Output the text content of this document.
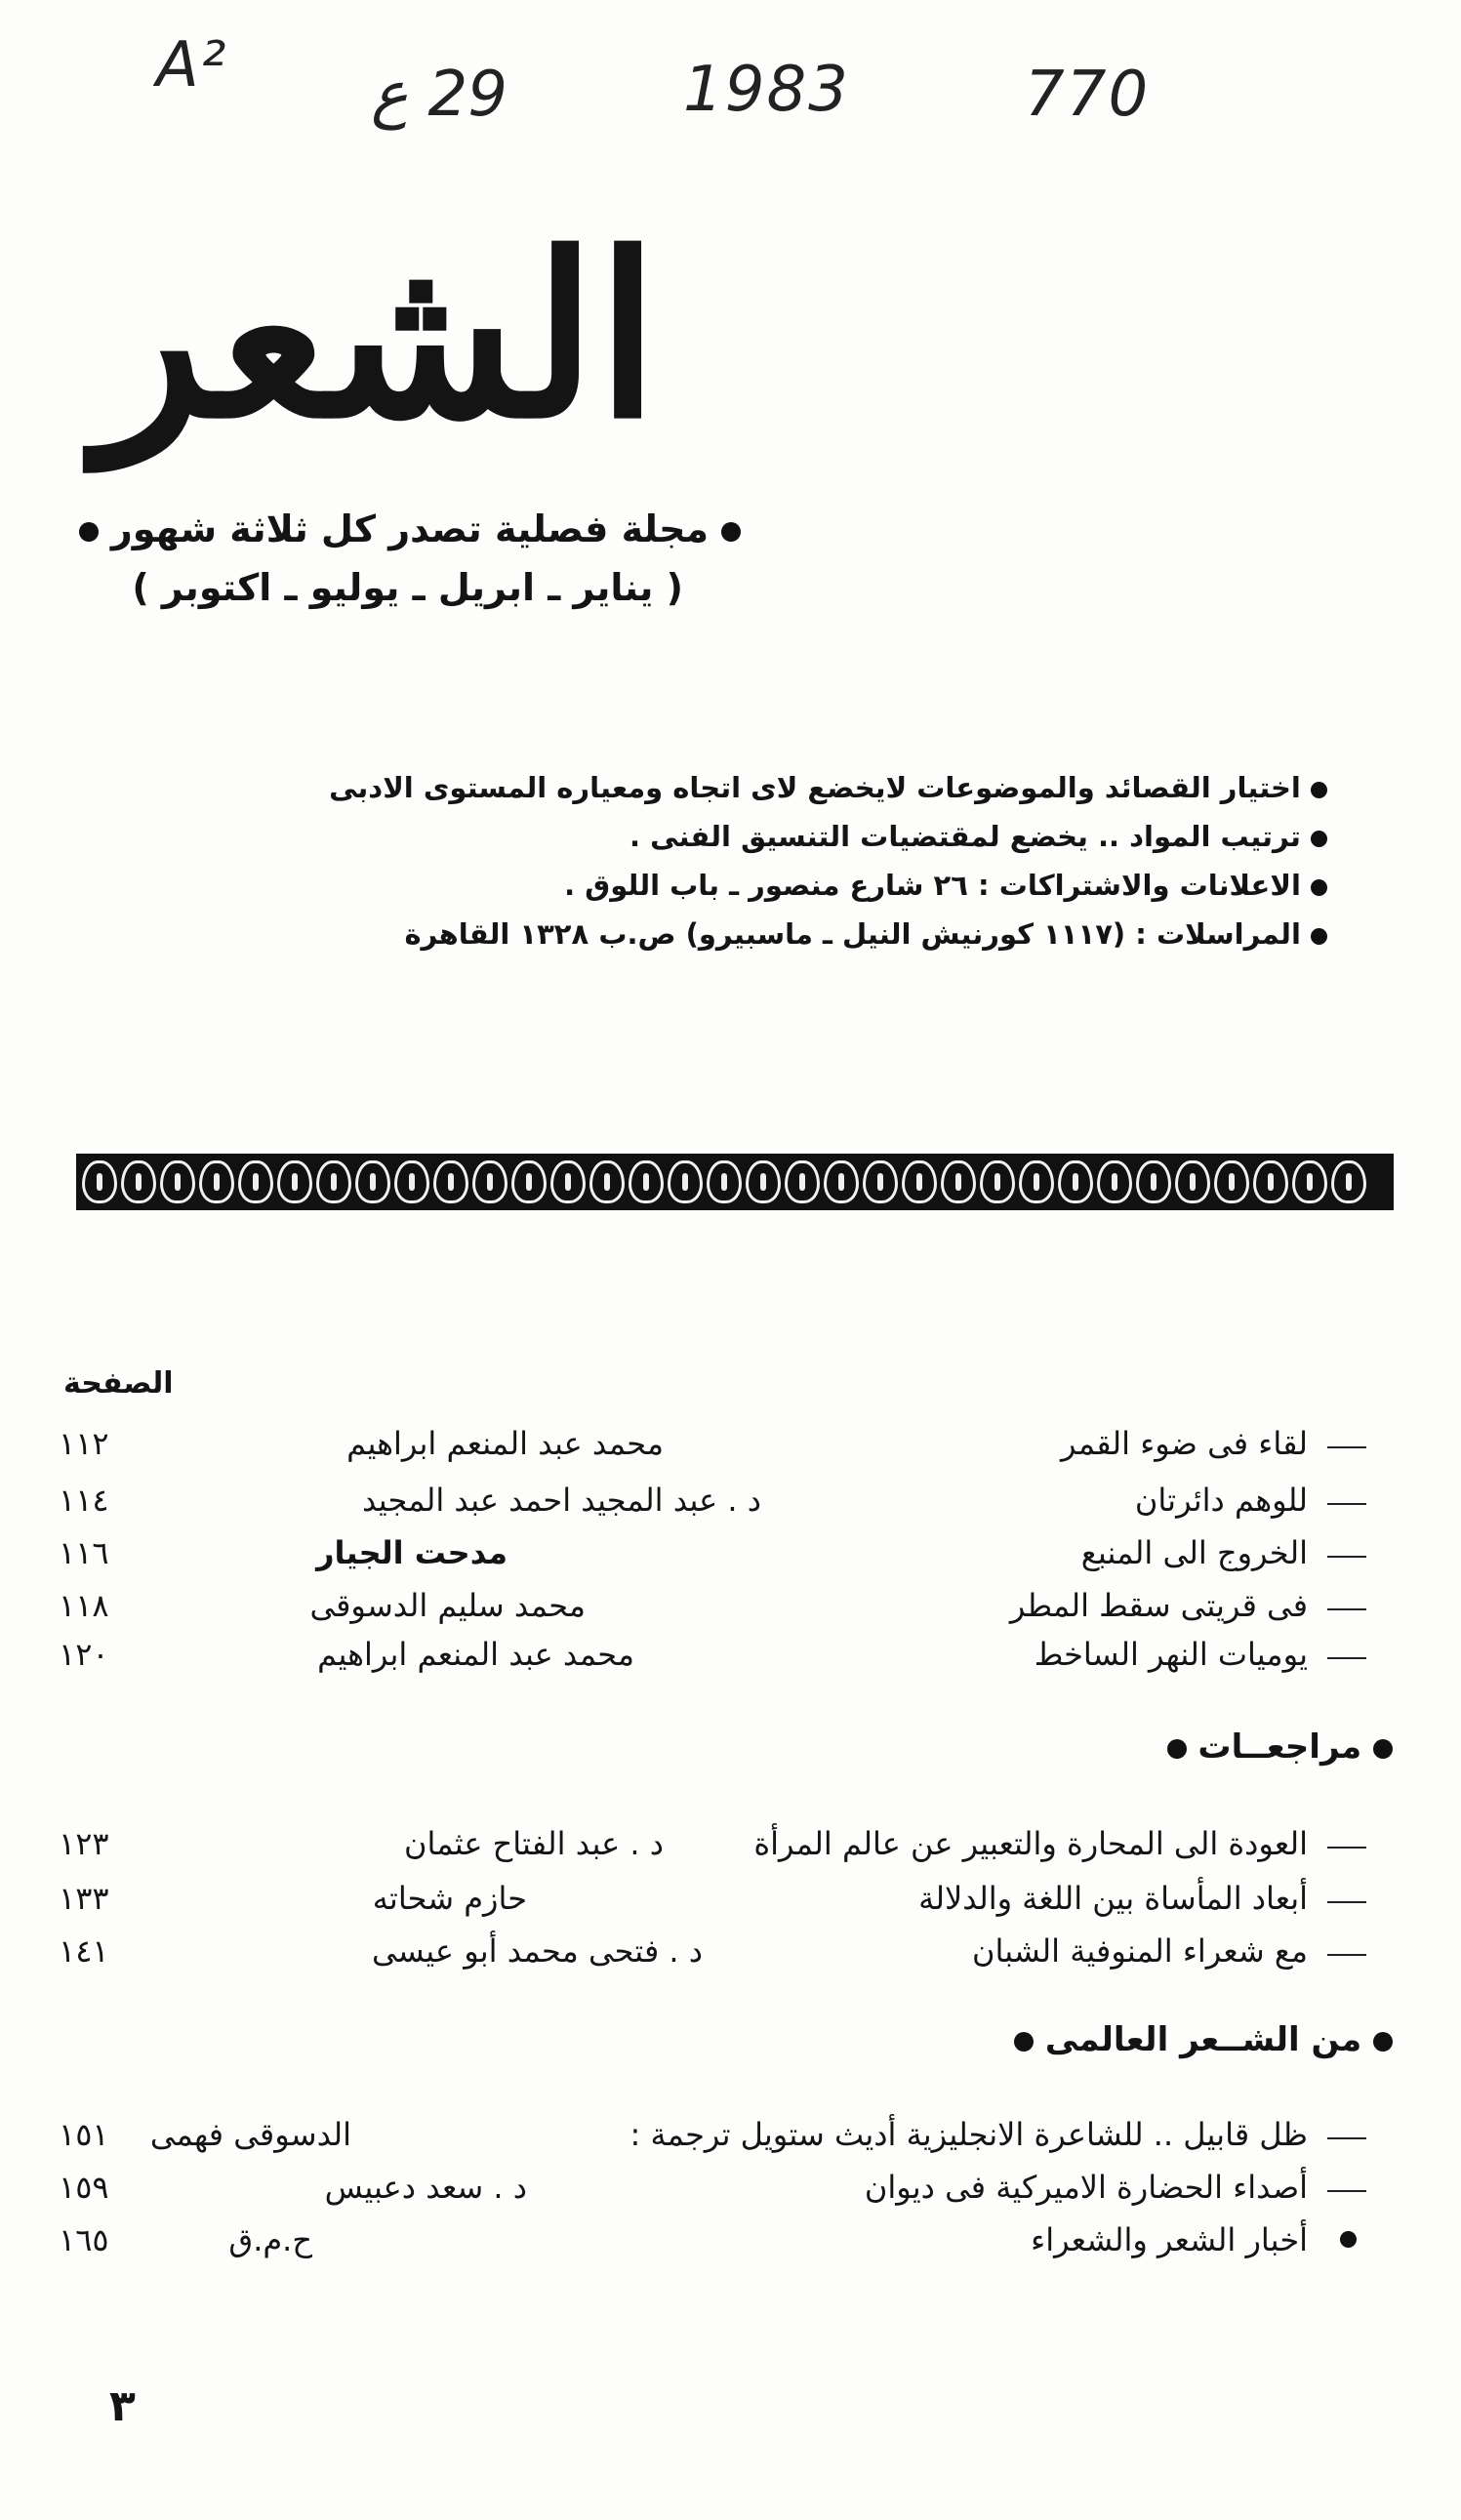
A² 29 ع	1983	770
الشعر
مجلة فصلية تصدر كل ثلاثة شهور
( يناير ـ ابريل ـ يوليو ـ اكتوبر )
اختيار القصائد والموضوعات لايخضع لاى اتجاه ومعياره المستوى الادبى
ترتيب المواد .. يخضع لمقتضيات التنسيق الفنى .
الاعلانات والاشتراكات : ٢٦ شارع منصور ـ باب اللوق .
المراسلات : (١١١٧ كورنيش النيل ـ ماسبيرو) ص.ب ١٣٢٨ القاهرة
الصفحة
١١٢	محمد عبد المنعم ابراهيم	لقاء فى ضوء القمر
١١٤	د . عبد المجيد احمد عبد المجيد	للوهم دائرتان
١١٦	مدحت الجيار	الخروج الى المنبع
١١٨	محمد سليم الدسوقى	فى قريتى سقط المطر
١٢٠	محمد عبد المنعم ابراهيم	يوميات النهر الساخط
مراجعــات
١٢٣	د . عبد الفتاح عثمان	العودة الى المحارة والتعبير عن عالم المرأة
١٣٣	حازم شحاته	أبعاد المأساة بين اللغة والدلالة
١٤١	د . فتحى محمد أبو عيسى	مع شعراء المنوفية الشبان
من الشــعر العالمى
١٥١	الدسوقى فهمى	ظل قابيل .. للشاعرة الانجليزية أديث ستويل ترجمة :
١٥٩	د . سعد دعبيس	أصداء الحضارة الاميركية فى ديوان
١٦٥	ح.م.ق	أخبار الشعر والشعراء
٣
